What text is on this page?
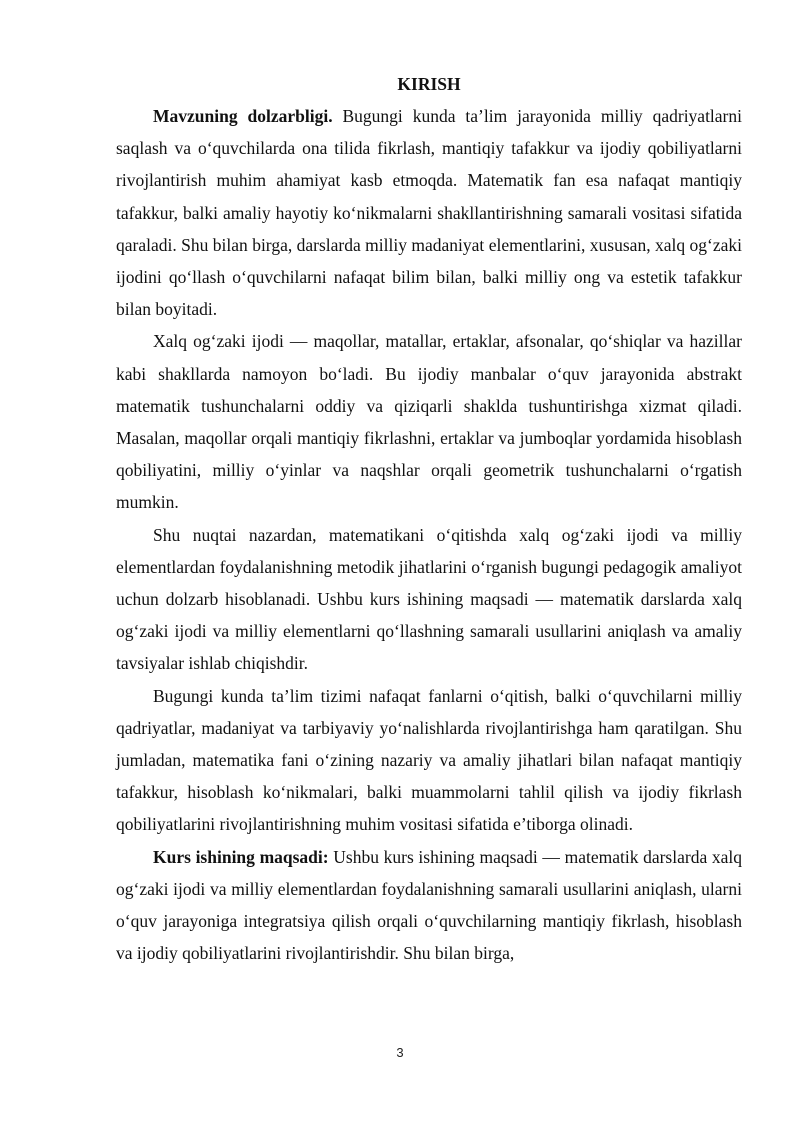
KIRISH

Mavzuning dolzarbligi. Bugungi kunda ta’lim jarayonida milliy qadriyatlarni saqlash va o‘quvchilarda ona tilida fikrlash, mantiqiy tafakkur va ijodiy qobiliyatlarni rivojlantirish muhim ahamiyat kasb etmoqda. Matematik fan esa nafaqat mantiqiy tafakkur, balki amaliy hayotiy ko‘nikmalarni shakllantirishning samarali vositasi sifatida qaraladi. Shu bilan birga, darslarda milliy madaniyat elementlarini, xususan, xalq og‘zaki ijodini qo‘llash o‘quvchilarni nafaqat bilim bilan, balki milliy ong va estetik tafakkur bilan boyitadi.

Xalq og‘zaki ijodi — maqollar, matallar, ertaklar, afsonalar, qo‘shiqlar va hazillar kabi shakllarda namoyon bo‘ladi. Bu ijodiy manbalar o‘quv jarayonida abstrakt matematik tushunchalarni oddiy va qiziqarli shaklda tushuntirishga xizmat qiladi. Masalan, maqollar orqali mantiqiy fikrlashni, ertaklar va jumboqlar yordamida hisoblash qobiliyatini, milliy o‘yinlar va naqshlar orqali geometrik tushunchalarni o‘rgatish mumkin.

Shu nuqtai nazardan, matematikani o‘qitishda xalq og‘zaki ijodi va milliy elementlardan foydalanishning metodik jihatlarini o‘rganish bugungi pedagogik amaliyot uchun dolzarb hisoblanadi. Ushbu kurs ishining maqsadi — matematik darslarda xalq og‘zaki ijodi va milliy elementlarni qo‘llashning samarali usullarini aniqlash va amaliy tavsiyalar ishlab chiqishdir.

Bugungi kunda ta’lim tizimi nafaqat fanlarni o‘qitish, balki o‘quvchilarni milliy qadriyatlar, madaniyat va tarbiyaviy yo‘nalishlarda rivojlantirishga ham qaratilgan. Shu jumladan, matematika fani o‘zining nazariy va amaliy jihatlari bilan nafaqat mantiqiy tafakkur, hisoblash ko‘nikmalari, balki muammolarni tahlil qilish va ijodiy fikrlash qobiliyatlarini rivojlantirishning muhim vositasi sifatida e’tiborga olinadi.

Kurs ishining maqsadi: Ushbu kurs ishining maqsadi — matematik darslarda xalq og‘zaki ijodi va milliy elementlardan foydalanishning samarali usullarini aniqlash, ularni o‘quv jarayoniga integratsiya qilish orqali o‘quvchilarning mantiqiy fikrlash, hisoblash va ijodiy qobiliyatlarini rivojlantirishdir. Shu bilan birga,

3
